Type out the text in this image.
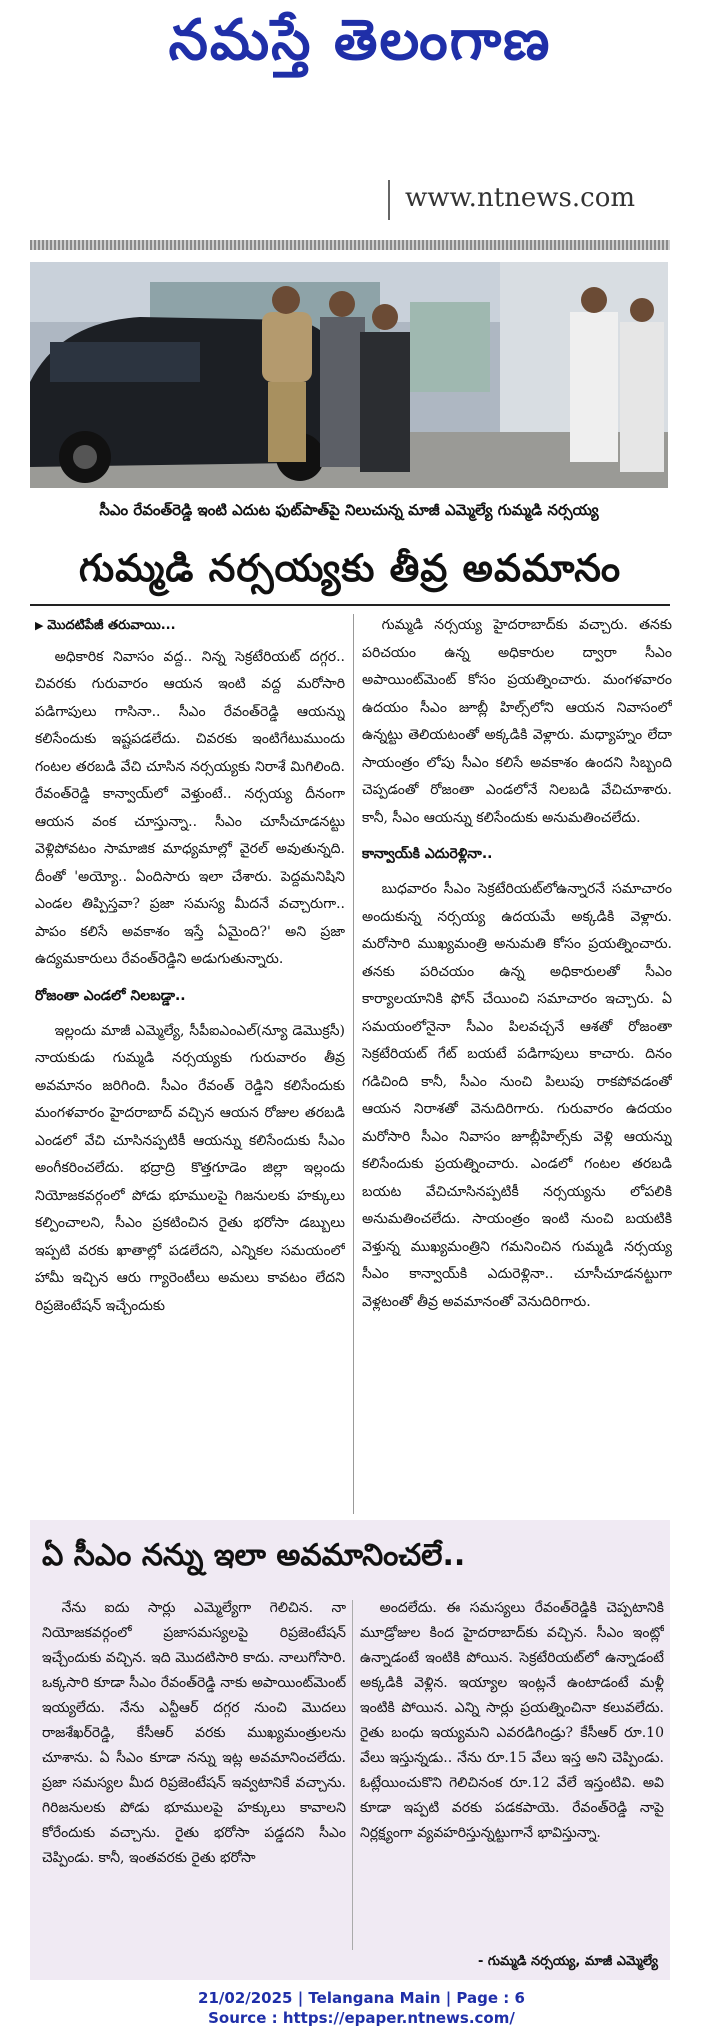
నమస్తే తెలంగాణ
www.ntnews.com
సీఎం రేవంత్‌రెడ్డి ఇంటి ఎదుట ఫుట్‌పాత్‌పై నిలుచున్న మాజీ ఎమ్మెల్యే గుమ్మడి నర్సయ్య
గుమ్మడి నర్సయ్యకు తీవ్ర అవమానం

▶ మొదటిపేజీ తరువాయి...

అధికారిక నివాసం వద్ద.. నిన్న సెక్రటేరియట్ దగ్గర.. చివరకు గురువారం ఆయన ఇంటి వద్ద మరోసారి పడిగాపులు గాసినా.. సీఎం రేవంత్‌రెడ్డి ఆయన్ను కలిసేందుకు ఇష్టపడలేదు. చివరకు ఇంటిగేటుముందు గంటల తరబడి వేచి చూసిన నర్సయ్యకు నిరాశే మిగిలింది. రేవంత్‌రెడ్డి కాన్వాయ్‌లో వెళ్తుంటే.. నర్సయ్య దీనంగా ఆయన వంక చూస్తున్నా.. సీఎం చూసీచూడనట్టు వెళ్లిపోవటం సామాజిక మాధ్యమాల్లో వైరల్ అవుతున్నది. దీంతో 'అయ్యో.. ఏందిసారు ఇలా చేశారు. పెద్దమనిషిని ఎండల తిప్పిస్తవా? ప్రజా సమస్య మీదనే వచ్చారుగా.. పాపం కలిసే అవకాశం ఇస్తే ఏమైంది?' అని ప్రజా ఉద్యమకారులు రేవంత్‌రెడ్డిని అడుగుతున్నారు.

రోజంతా ఎండలో నిలబడ్డా..

ఇల్లందు మాజీ ఎమ్మెల్యే, సీపీఐఎంఎల్(న్యూ డెమొక్రసీ) నాయకుడు గుమ్మడి నర్సయ్యకు గురువారం తీవ్ర అవమానం జరిగింది. సీఎం రేవంత్ రెడ్డిని కలిసేందుకు మంగళవారం హైదరాబాద్ వచ్చిన ఆయన రోజుల తరబడి ఎండలో వేచి చూసినప్పటికీ ఆయన్ను కలిసేందుకు సీఎం అంగీకరించలేదు. భద్రాద్రి కొత్తగూడెం జిల్లా ఇల్లందు నియోజకవర్గంలో పోడు భూములపై గిజనులకు హక్కులు కల్పించాలని, సీఎం ప్రకటించిన రైతు భరోసా డబ్బులు ఇప్పటి వరకు ఖాతాల్లో పడలేదని, ఎన్నికల సమయంలో హామీ ఇచ్చిన ఆరు గ్యారెంటీలు అమలు కావటం లేదని రిప్రజెంటేషన్ ఇచ్చేందుకు

గుమ్మడి నర్సయ్య హైదరాబాద్‌కు వచ్చారు. తనకు పరిచయం ఉన్న అధికారుల ద్వారా సీఎం అపాయింట్‌మెంట్ కోసం ప్రయత్నించారు. మంగళవారం ఉదయం సీఎం జూబ్లీ హిల్స్‌లోని ఆయన నివాసంలో ఉన్నట్టు తెలియటంతో అక్కడికి వెళ్లారు. మధ్యాహ్నం లేదా సాయంత్రం లోపు సీఎం కలిసే అవకాశం ఉందని సిబ్బంది చెప్పడంతో రోజంతా ఎండలోనే నిలబడి వేచిచూశారు. కానీ, సీఎం ఆయన్ను కలిసేందుకు అనుమతించలేదు.

కాన్వాయ్‌కి ఎదురెళ్లినా..

బుధవారం సీఎం సెక్రటేరియట్‌లోఉన్నారనే సమాచారం అందుకున్న నర్సయ్య ఉదయమే అక్కడికి వెళ్లారు. మరోసారి ముఖ్యమంత్రి అనుమతి కోసం ప్రయత్నించారు. తనకు పరిచయం ఉన్న అధికారులతో సీఎం కార్యాలయానికి ఫోన్ చేయించి సమాచారం ఇచ్చారు. ఏ సమయంలోనైనా సీఎం పిలవచ్చనే ఆశతో రోజంతా సెక్రటేరియట్ గేట్ బయటే పడిగాపులు కాచారు. దినం గడిచింది కానీ, సీఎం నుంచి పిలుపు రాకపోవడంతో ఆయన నిరాశతో వెనుదిరిగారు. గురువారం ఉదయం మరోసారి సీఎం నివాసం జూబ్లీహిల్స్‌కు వెళ్లి ఆయన్ను కలిసేందుకు ప్రయత్నించారు. ఎండలో గంటల తరబడి బయట వేచిచూసినప్పటికీ నర్సయ్యను లోపలికి అనుమతించలేదు. సాయంత్రం ఇంటి నుంచి బయటికి వెళ్తున్న ముఖ్యమంత్రిని గమనించిన గుమ్మడి నర్సయ్య సీఎం కాన్వాయ్‌కి ఎదురెళ్లినా.. చూసీచూడనట్టుగా వెళ్లటంతో తీవ్ర అవమానంతో వెనుదిరిగారు.

ఏ సీఎం నన్ను ఇలా అవమానించలే..

నేను ఐదు సార్లు ఎమ్మెల్యేగా గెలిచిన. నా నియోజకవర్గంలో ప్రజాసమస్యలపై రిప్రజెంటేషన్ ఇచ్చేందుకు వచ్చిన. ఇది మొదటిసారి కాదు. నాలుగోసారి. ఒక్కసారి కూడా సీఎం రేవంత్‌రెడ్డి నాకు అపాయింట్‌మెంట్ ఇయ్యలేదు. నేను ఎన్టీఆర్ దగ్గర నుంచి మొదలు రాజశేఖర్‌రెడ్డి, కేసీఆర్ వరకు ముఖ్యమంత్రులను చూశాను. ఏ సీఎం కూడా నన్ను ఇట్ల అవమానించలేదు. ప్రజా సమస్యల మీద రిప్రజెంటేషన్ ఇవ్వటానికే వచ్చాను. గిరిజనులకు పోడు భూములపై హక్కులు కావాలని కోరేందుకు వచ్చాను. రైతు భరోసా పడ్డదని సీఎం చెప్పిండు. కానీ, ఇంతవరకు రైతు భరోసా

అందలేదు. ఈ సమస్యలు రేవంత్‌రెడ్డికి చెప్పటానికి మూడ్రోజుల కింద హైదరాబాద్‌కు వచ్చిన. సీఎం ఇంట్లో ఉన్నాడంటే ఇంటికి పోయిన. సెక్రటేరియట్‌లో ఉన్నాడంటే అక్కడికి వెళ్లిన. ఇయ్యాల ఇంట్లనే ఉంటాడంటే మళ్లీ ఇంటికి పోయిన. ఎన్ని సార్లు ప్రయత్నించినా కలువలేదు. రైతు బంధు ఇయ్యమని ఎవరడిగిండ్రు? కేసీఆర్ రూ.10 వేలు ఇస్తున్నడు.. నేను రూ.15 వేలు ఇస్త అని చెప్పిండు. ఓట్లేయించుకొని గెలిచినంక రూ.12 వేలే ఇస్తంటివి. అవి కూడా ఇప్పటి వరకు పడకపాయె. రేవంత్‌రెడ్డి నాపై నిర్లక్ష్యంగా వ్యవహరిస్తున్నట్టుగానే భావిస్తున్నా.

- గుమ్మడి నర్సయ్య, మాజీ ఎమ్మెల్యే
21/02/2025 | Telangana Main | Page : 6
Source : https://epaper.ntnews.com/
